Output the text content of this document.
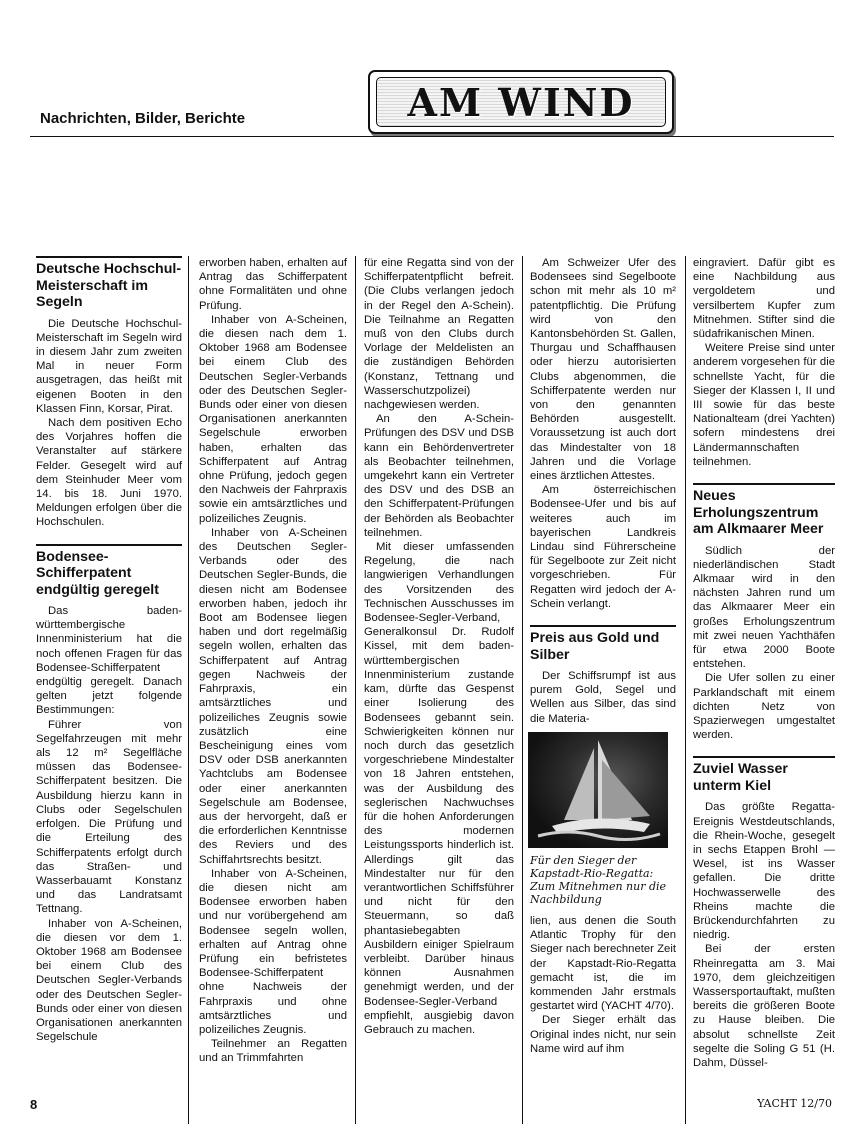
Nachrichten, Bilder, Berichte	AM WIND
Deutsche Hochschul-Meisterschaft im Segeln

Die Deutsche Hochschul-Meisterschaft im Segeln wird in diesem Jahr zum zweiten Mal in neuer Form ausgetragen, das heißt mit eigenen Booten in den Klassen Finn, Korsar, Pirat.

Nach dem positiven Echo des Vorjahres hoffen die Veranstalter auf stärkere Felder. Gesegelt wird auf dem Steinhuder Meer vom 14. bis 18. Juni 1970. Meldungen erfolgen über die Hochschulen.

Bodensee-Schifferpatent endgültig geregelt

Das baden-württembergische Innenministerium hat die noch offenen Fragen für das Bodensee-Schifferpatent endgültig geregelt. Danach gelten jetzt folgende Bestimmungen:

Führer von Segelfahrzeugen mit mehr als 12 m² Segelfläche müssen das Bodensee-Schifferpatent besitzen. Die Ausbildung hierzu kann in Clubs oder Segelschulen erfolgen. Die Prüfung und die Erteilung des Schifferpatents erfolgt durch das Straßen- und Wasserbauamt Konstanz und das Landratsamt Tettnang.

Inhaber von A-Scheinen, die diesen vor dem 1. Oktober 1968 am Bodensee bei einem Club des Deutschen Segler-Verbands oder des Deutschen Segler-Bunds oder einer von diesen Organisationen anerkannten Segelschule

erworben haben, erhalten auf Antrag das Schifferpatent ohne Formalitäten und ohne Prüfung.

Inhaber von A-Scheinen, die diesen nach dem 1. Oktober 1968 am Bodensee bei einem Club des Deutschen Segler-Verbands oder des Deutschen Segler-Bunds oder einer von diesen Organisationen anerkannten Segelschule erworben haben, erhalten das Schifferpatent auf Antrag ohne Prüfung, jedoch gegen den Nachweis der Fahrpraxis sowie ein amtsärztliches und polizeiliches Zeugnis.

Inhaber von A-Scheinen des Deutschen Segler-Verbands oder des Deutschen Segler-Bunds, die diesen nicht am Bodensee erworben haben, jedoch ihr Boot am Bodensee liegen haben und dort regelmäßig segeln wollen, erhalten das Schifferpatent auf Antrag gegen Nachweis der Fahrpraxis, ein amtsärztliches und polizeiliches Zeugnis sowie zusätzlich eine Bescheinigung eines vom DSV oder DSB anerkannten Yachtclubs am Bodensee oder einer anerkannten Segelschule am Bodensee, aus der hervorgeht, daß er die erforderlichen Kenntnisse des Reviers und des Schiffahrtsrechts besitzt.

Inhaber von A-Scheinen, die diesen nicht am Bodensee erworben haben und nur vorübergehend am Bodensee segeln wollen, erhalten auf Antrag ohne Prüfung ein befristetes Bodensee-Schifferpatent ohne Nachweis der Fahrpraxis und ohne amtsärztliches und polizeiliches Zeugnis.

Teilnehmer an Regatten und an Trimmfahrten

für eine Regatta sind von der Schifferpatentpflicht befreit. (Die Clubs verlangen jedoch in der Regel den A-Schein). Die Teilnahme an Regatten muß von den Clubs durch Vorlage der Meldelisten an die zuständigen Behörden (Konstanz, Tettnang und Wasserschutzpolizei) nachgewiesen werden.

An den A-Schein-Prüfungen des DSV und DSB kann ein Behördenvertreter als Beobachter teilnehmen, umgekehrt kann ein Vertreter des DSV und des DSB an den Schifferpatent-Prüfungen der Behörden als Beobachter teilnehmen.

Mit dieser umfassenden Regelung, die nach langwierigen Verhandlungen des Vorsitzenden des Technischen Ausschusses im Bodensee-Segler-Verband, Generalkonsul Dr. Rudolf Kissel, mit dem baden-württembergischen Innenministerium zustande kam, dürfte das Gespenst einer Isolierung des Bodensees gebannt sein. Schwierigkeiten können nur noch durch das gesetzlich vorgeschriebene Mindestalter von 18 Jahren entstehen, was der Ausbildung des seglerischen Nachwuchses für die hohen Anforderungen des modernen Leistungssports hinderlich ist. Allerdings gilt das Mindestalter nur für den verantwortlichen Schiffsführer und nicht für den Steuermann, so daß phantasiebegabten Ausbildern einiger Spielraum verbleibt. Darüber hinaus können Ausnahmen genehmigt werden, und der Bodensee-Segler-Verband empfiehlt, ausgiebig davon Gebrauch zu machen.

Am Schweizer Ufer des Bodensees sind Segelboote schon mit mehr als 10 m² patentpflichtig. Die Prüfung wird von den Kantonsbehörden St. Gallen, Thurgau und Schaffhausen oder hierzu autorisierten Clubs abgenommen, die Schifferpatente werden nur von den genannten Behörden ausgestellt. Voraussetzung ist auch dort das Mindestalter von 18 Jahren und die Vorlage eines ärztlichen Attestes.

Am österreichischen Bodensee-Ufer und bis auf weiteres auch im bayerischen Landkreis Lindau sind Führerscheine für Segelboote zur Zeit nicht vorgeschrieben. Für Regatten wird jedoch der A-Schein verlangt.

Preis aus Gold und Silber

Der Schiffsrumpf ist aus purem Gold, Segel und Wellen aus Silber, das sind die Materia-

Für den Sieger der Kapstadt-Rio-Regatta: Zum Mitnehmen nur die Nachbildung

lien, aus denen die South Atlantic Trophy für den Sieger nach berechneter Zeit der Kapstadt-Rio-Regatta gemacht ist, die im kommenden Jahr erstmals gestartet wird (YACHT 4/70).

Der Sieger erhält das Original indes nicht, nur sein Name wird auf ihm

eingraviert. Dafür gibt es eine Nachbildung aus vergoldetem und versilbertem Kupfer zum Mitnehmen. Stifter sind die südafrikanischen Minen.

Weitere Preise sind unter anderem vorgesehen für die schnellste Yacht, für die Sieger der Klassen I, II und III sowie für das beste Nationalteam (drei Yachten) sofern mindestens drei Ländermannschaften teilnehmen.

Neues Erholungszentrum am Alkmaarer Meer

Südlich der niederländischen Stadt Alkmaar wird in den nächsten Jahren rund um das Alkmaarer Meer ein großes Erholungszentrum mit zwei neuen Yachthäfen für etwa 2000 Boote entstehen.

Die Ufer sollen zu einer Parklandschaft mit einem dichten Netz von Spazierwegen umgestaltet werden.

Zuviel Wasser unterm Kiel

Das größte Regatta-Ereignis Westdeutschlands, die Rhein-Woche, gesegelt in sechs Etappen Brohl — Wesel, ist ins Wasser gefallen. Die dritte Hochwasserwelle des Rheins machte die Brückendurchfahrten zu niedrig.

Bei der ersten Rheinregatta am 3. Mai 1970, dem gleichzeitigen Wassersportauftakt, mußten bereits die größeren Boote zu Hause bleiben. Die absolut schnellste Zeit segelte die Soling G 51 (H. Dahm, Düssel-

8	YACHT 12/70
